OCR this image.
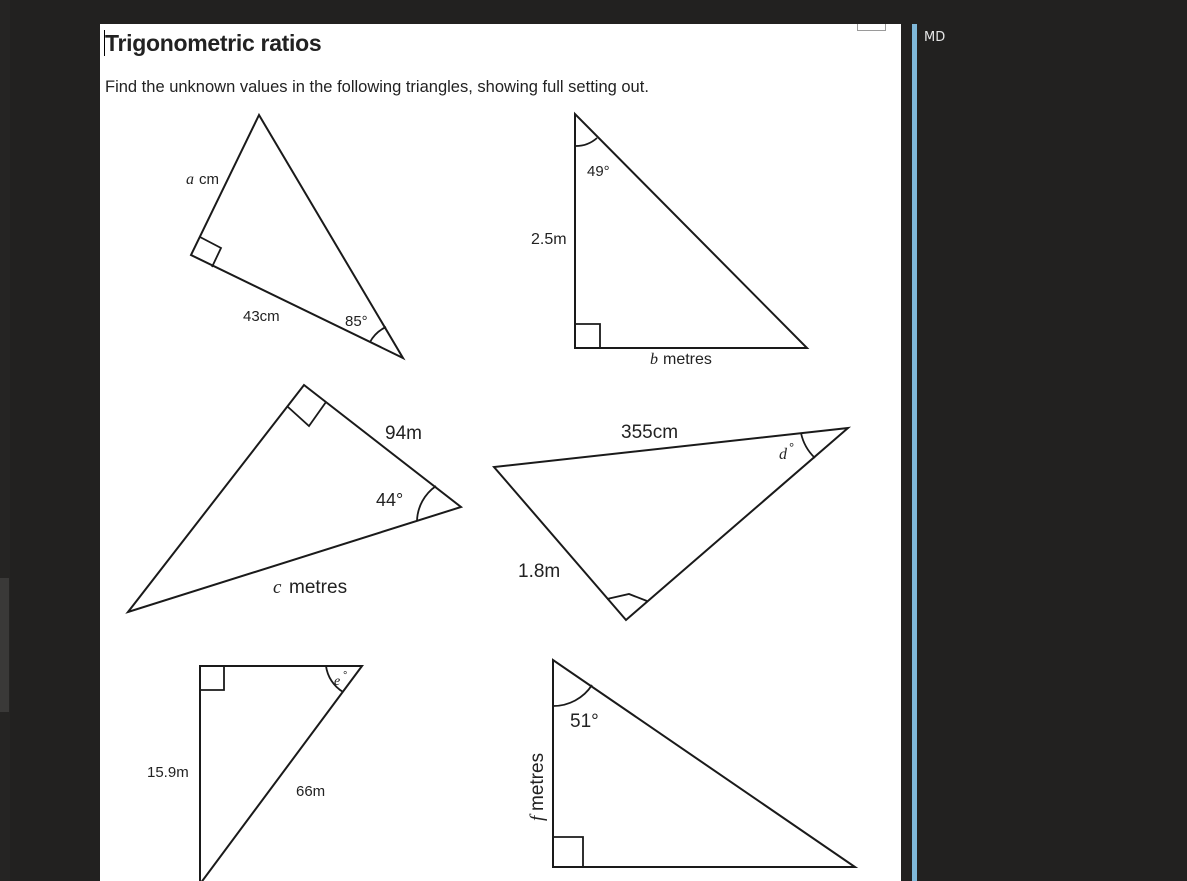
Trigonometric ratios
Find the unknown values in the following triangles, showing full setting out.
a cm
43cm	85°
49°
2.5m
b metres
94m
44°
c metres
355cm
d °
1.8m
e °
15.9m
66m
51°
f
metres
MD
